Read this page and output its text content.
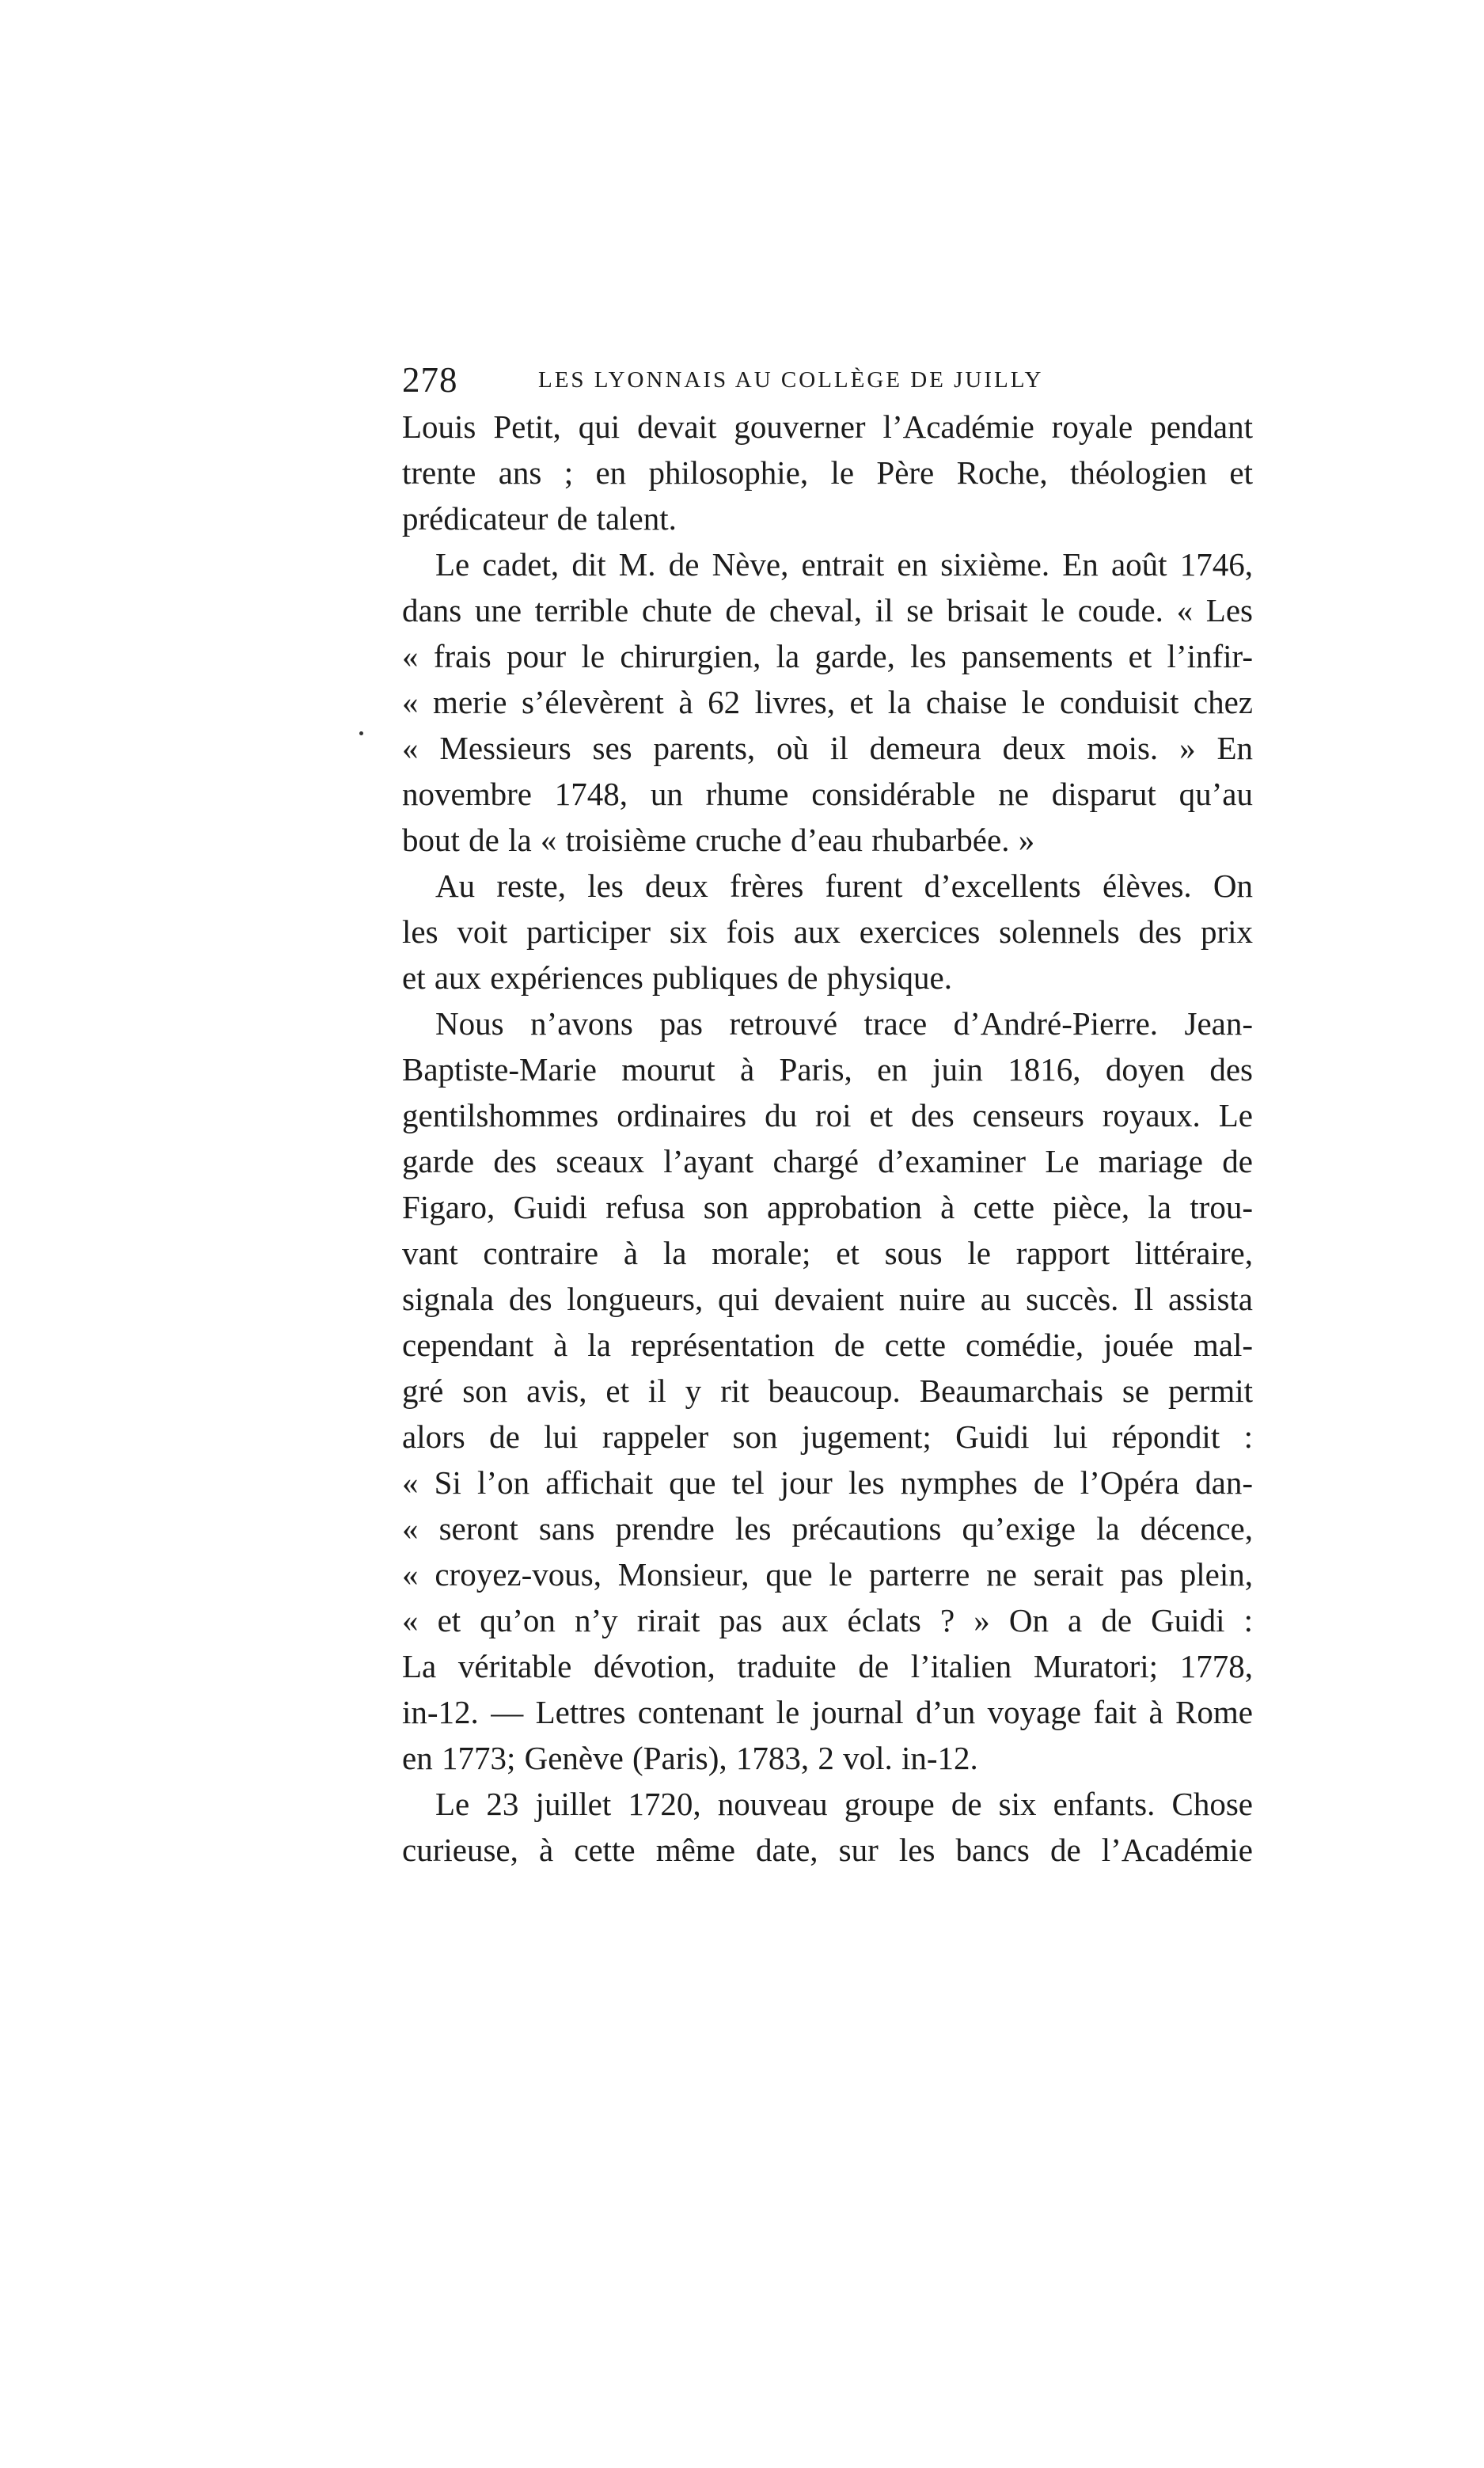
278	LES LYONNAIS AU COLLÈGE DE JUILLY
Louis Petit, qui devait gouverner l’Académie royale pendant
trente ans ; en philosophie, le Père Roche, théologien et
prédicateur de talent.
Le cadet, dit M. de Nève, entrait en sixième. En août 1746,
dans une terrible chute de cheval, il se brisait le coude. « Les
« frais pour le chirurgien, la garde, les pansements et l’infir-
« merie s’élevèrent à 62 livres, et la chaise le conduisit chez
« Messieurs ses parents, où il demeura deux mois. » En
novembre 1748, un rhume considérable ne disparut qu’au
bout de la « troisième cruche d’eau rhubarbée. »
Au reste, les deux frères furent d’excellents élèves. On
les voit participer six fois aux exercices solennels des prix
et aux expériences publiques de physique.
Nous n’avons pas retrouvé trace d’André-Pierre. Jean-
Baptiste-Marie mourut à Paris, en juin 1816, doyen des
gentilshommes ordinaires du roi et des censeurs royaux. Le
garde des sceaux l’ayant chargé d’examiner Le mariage de
Figaro, Guidi refusa son approbation à cette pièce, la trou-
vant contraire à la morale; et sous le rapport littéraire,
signala des longueurs, qui devaient nuire au succès. Il assista
cependant à la représentation de cette comédie, jouée mal-
gré son avis, et il y rit beaucoup. Beaumarchais se permit
alors de lui rappeler son jugement; Guidi lui répondit :
« Si l’on affichait que tel jour les nymphes de l’Opéra dan-
« seront sans prendre les précautions qu’exige la décence,
« croyez-vous, Monsieur, que le parterre ne serait pas plein,
« et qu’on n’y rirait pas aux éclats ? » On a de Guidi :
La véritable dévotion, traduite de l’italien Muratori; 1778,
in-12. — Lettres contenant le journal d’un voyage fait à Rome
en 1773; Genève (Paris), 1783, 2 vol. in-12.
Le 23 juillet 1720, nouveau groupe de six enfants. Chose
curieuse, à cette même date, sur les bancs de l’Académie
